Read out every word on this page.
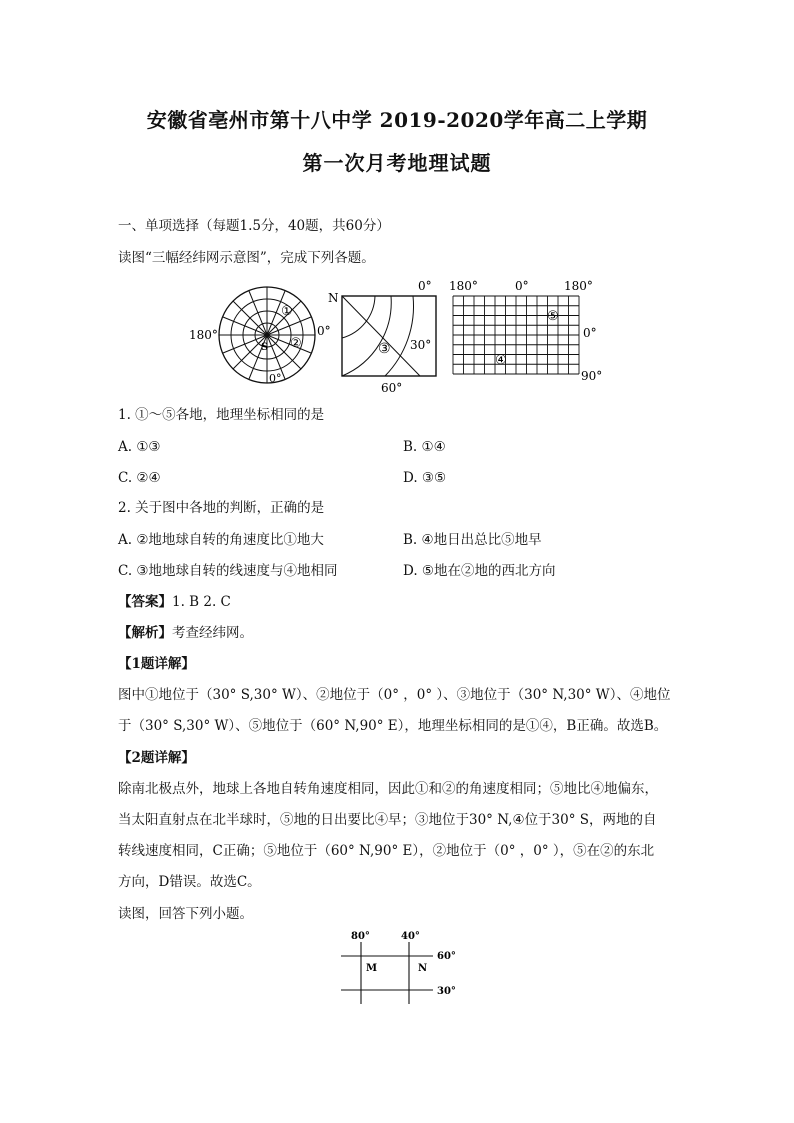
安徽省亳州市第十八中学 2019-2020学年高二上学期
第一次月考地理试题
一、单项选择（每题1.5分，40题，共60分）
读图“三幅经纬网示意图”，完成下列各题。
180°	0°
0°
S
①
②
N
0°
30°
60°
③
180°	0°	180°
0°
90°
④
⑤
1. ①～⑤各地，地理坐标相同的是
A. ①③	B. ①④
C. ②④	D. ③⑤
2. 关于图中各地的判断，正确的是
A. ②地地球自转的角速度比①地大	B. ④地日出总比⑤地早
C. ③地地球自转的线速度与④地相同	D. ⑤地在②地的西北方向
【答案】1. B 2. C
【解析】考查经纬网。
【1题详解】
图中①地位于（30° S,30° W）、②地位于（0° ，0° ）、③地位于（30° N,30° W）、④地位
于（30° S,30° W）、⑤地位于（60° N,90° E），地理坐标相同的是①④，B正确。故选B。
【2题详解】
除南北极点外，地球上各地自转角速度相同，因此①和②的角速度相同；⑤地比④地偏东，
当太阳直射点在北半球时，⑤地的日出要比④早；③地位于30° N,④位于30° S，两地的自
转线速度相同，C正确；⑤地位于（60° N,90° E），②地位于（0° ，0° ），⑤在②的东北
方向，D错误。故选C。
读图，回答下列小题。
80°	40°
60°
30°
M	N
